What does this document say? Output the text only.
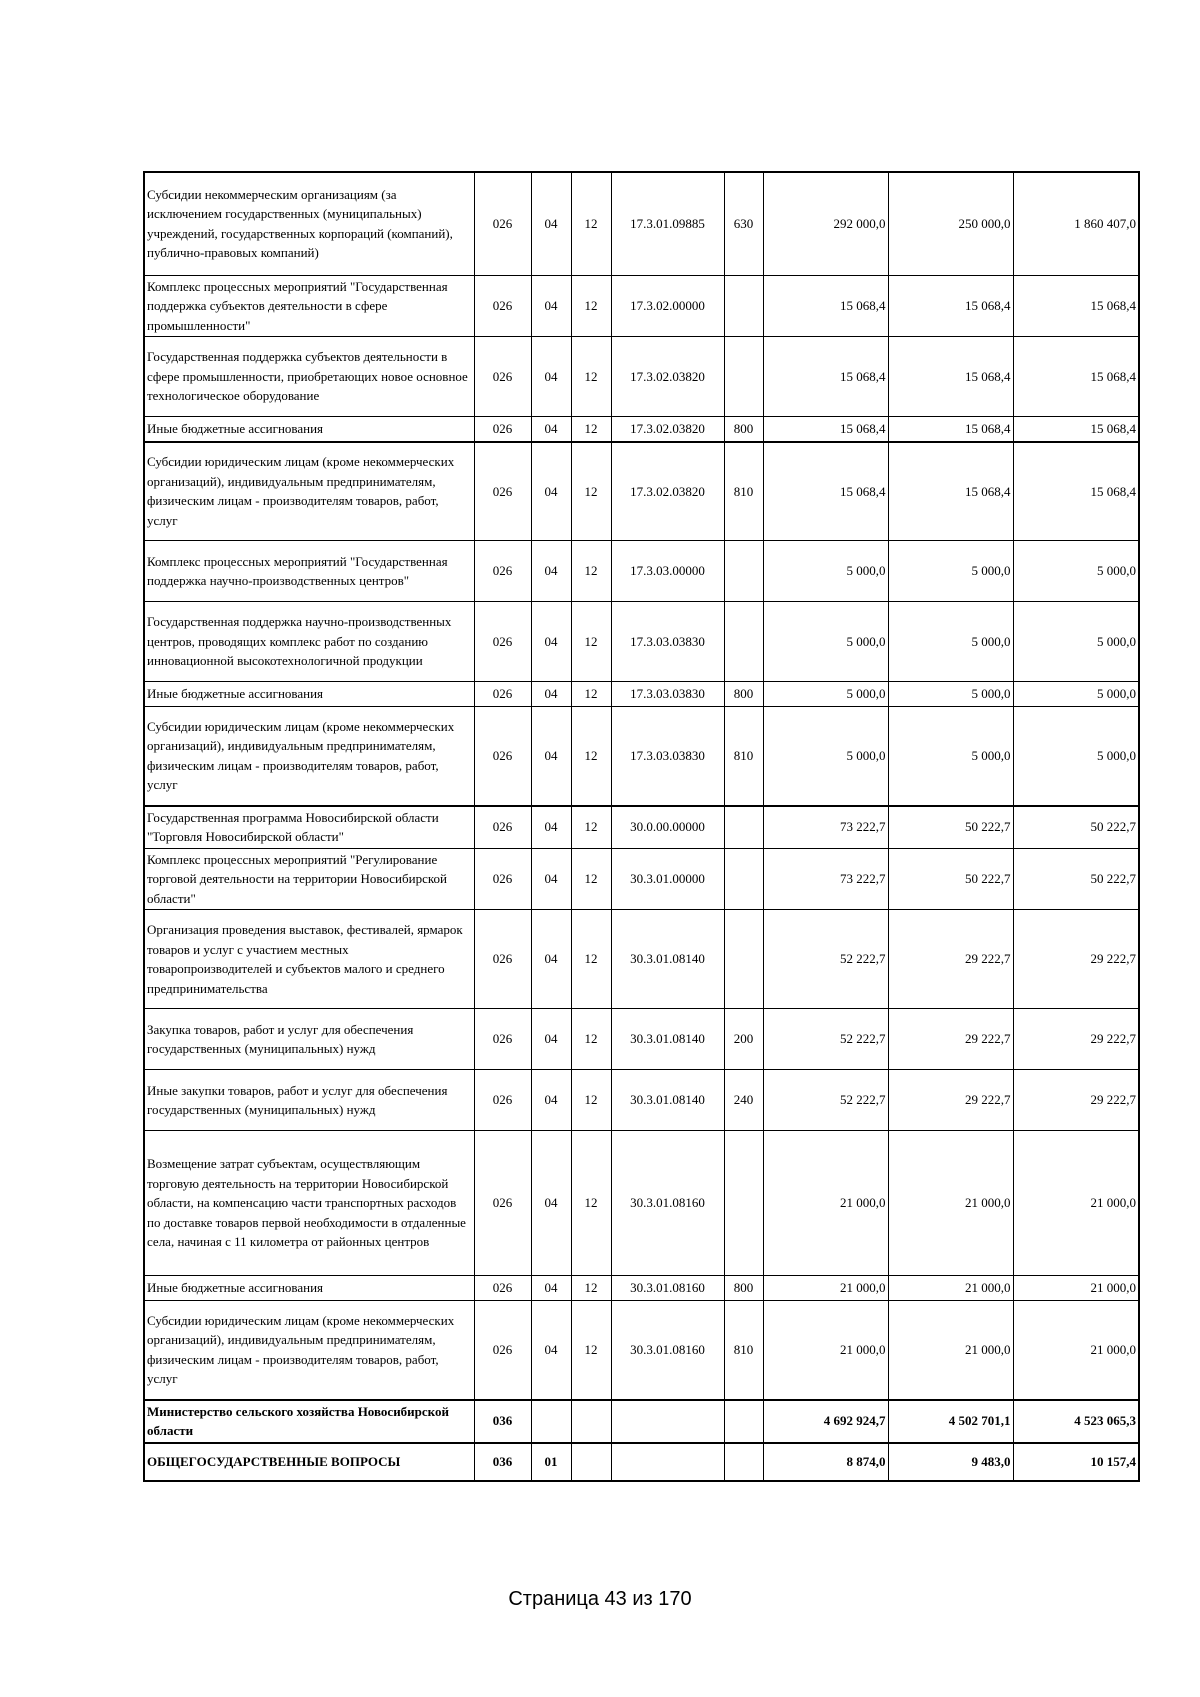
Субсидии некоммерческим организациям (за исключением государственных (муниципальных) учреждений, государственных корпораций (компаний), публично-правовых компаний)	026	04	12	17.3.01.09885	630	292 000,0	250 000,0	1 860 407,0
Комплекс процессных мероприятий "Государственная поддержка субъектов деятельности в сфере промышленности"	026	04	12	17.3.02.00000		15 068,4	15 068,4	15 068,4
Государственная поддержка субъектов деятельности в сфере промышленности, приобретающих новое основное технологическое оборудование	026	04	12	17.3.02.03820		15 068,4	15 068,4	15 068,4
Иные бюджетные ассигнования	026	04	12	17.3.02.03820	800	15 068,4	15 068,4	15 068,4
Субсидии юридическим лицам (кроме некоммерческих организаций), индивидуальным предпринимателям, физическим лицам - производителям товаров, работ, услуг	026	04	12	17.3.02.03820	810	15 068,4	15 068,4	15 068,4
Комплекс процессных мероприятий "Государственная поддержка научно-производственных центров"	026	04	12	17.3.03.00000		5 000,0	5 000,0	5 000,0
Государственная поддержка научно-производственных центров, проводящих комплекс работ по созданию инновационной высокотехнологичной продукции	026	04	12	17.3.03.03830		5 000,0	5 000,0	5 000,0
Иные бюджетные ассигнования	026	04	12	17.3.03.03830	800	5 000,0	5 000,0	5 000,0
Субсидии юридическим лицам (кроме некоммерческих организаций), индивидуальным предпринимателям, физическим лицам - производителям товаров, работ, услуг	026	04	12	17.3.03.03830	810	5 000,0	5 000,0	5 000,0
Государственная программа Новосибирской области "Торговля Новосибирской области"	026	04	12	30.0.00.00000		73 222,7	50 222,7	50 222,7
Комплекс процессных мероприятий "Регулирование торговой деятельности на территории Новосибирской области"	026	04	12	30.3.01.00000		73 222,7	50 222,7	50 222,7
Организация проведения выставок, фестивалей, ярмарок товаров и услуг с участием местных товаропроизводителей и субъектов малого и среднего предпринимательства	026	04	12	30.3.01.08140		52 222,7	29 222,7	29 222,7
Закупка товаров, работ и услуг для обеспечения государственных (муниципальных) нужд	026	04	12	30.3.01.08140	200	52 222,7	29 222,7	29 222,7
Иные закупки товаров, работ и услуг для обеспечения государственных (муниципальных) нужд	026	04	12	30.3.01.08140	240	52 222,7	29 222,7	29 222,7
Возмещение затрат субъектам, осуществляющим торговую деятельность на территории Новосибирской области, на компенсацию части транспортных расходов по доставке товаров первой необходимости в отдаленные села, начиная с 11 километра от районных центров	026	04	12	30.3.01.08160		21 000,0	21 000,0	21 000,0
Иные бюджетные ассигнования	026	04	12	30.3.01.08160	800	21 000,0	21 000,0	21 000,0
Субсидии юридическим лицам (кроме некоммерческих организаций), индивидуальным предпринимателям, физическим лицам - производителям товаров, работ, услуг	026	04	12	30.3.01.08160	810	21 000,0	21 000,0	21 000,0
Министерство сельского хозяйства Новосибирской области	036					4 692 924,7	4 502 701,1	4 523 065,3
ОБЩЕГОСУДАРСТВЕННЫЕ ВОПРОСЫ	036	01				8 874,0	9 483,0	10 157,4
Страница 43 из 170
